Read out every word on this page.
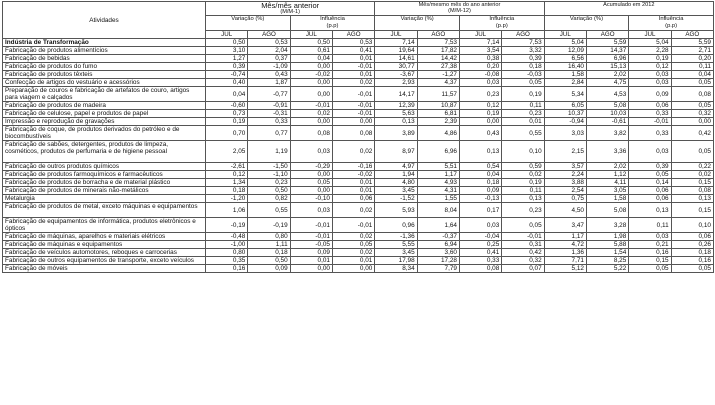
Atividades	Mês/mês anterior
(M/M-1)				Mês/mesmo mês do ano anterior
(M/M-12)				Acumulado em 2012			

	Variação (%)		Influência
(p.p)		Variação (%)		Influência
(p.p)		Variação (%)		Influência
(p.p)	

	JUL	AGO	JUL	AGO	JUL	AGO	JUL	AGO	JUL	AGO	JUL	AGO
Indústria de Transformação	0,50	0,53	0,50	0,53	7,14	7,53	7,14	7,53	5,04	5,59	5,04	5,59
Fabricação de produtos alimentícios	3,10	2,04	0,61	0,41	19,64	17,82	3,54	3,32	12,09	14,37	2,28	2,71
Fabricação de bebidas	1,27	0,37	0,04	0,01	14,61	14,42	0,38	0,39	6,56	6,96	0,19	0,20
Fabricação de produtos do fumo	0,39	-1,09	0,00	-0,01	30,77	27,38	0,20	0,18	16,40	15,13	0,12	0,11
Fabricação de produtos têxteis	-0,74	0,43	-0,02	0,01	-3,67	-1,27	-0,08	-0,03	1,58	2,02	0,03	0,04
Confecção de artigos do vestuário e acessórios	0,40	1,87	0,00	0,02	2,93	4,37	0,03	0,05	2,84	4,75	0,03	0,05
Preparação de couros e fabricação de artefatos de couro, artigos para viagem e calçados	0,04	-0,77	0,00	-0,01	14,17	11,57	0,23	0,19	5,34	4,53	0,09	0,08
Fabricação de produtos de madeira	-0,60	-0,91	-0,01	-0,01	12,39	10,87	0,12	0,11	6,05	5,08	0,06	0,05
Fabricação de celulose, papel e produtos de papel	0,73	-0,31	0,02	-0,01	5,63	6,81	0,19	0,23	10,37	10,03	0,33	0,32
Impressão e reprodução de gravações	0,19	0,33	0,00	0,00	0,13	2,39	0,00	0,01	-0,94	-0,61	-0,01	0,00
Fabricação de coque, de produtos derivados do petróleo e de biocombustíveis	0,70	0,77	0,08	0,08	3,89	4,86	0,43	0,55	3,03	3,82	0,33	0,42
Fabricação de sabões, detergentes, produtos de limpeza, cosméticos, produtos de perfumaria e de higiene pessoal	2,05	1,19	0,03	0,02	8,97	6,96	0,13	0,10	2,15	3,36	0,03	0,05
Fabricação de outros produtos químicos	-2,61	-1,50	-0,29	-0,16	4,97	5,51	0,54	0,59	3,57	2,02	0,39	0,22
Fabricação de produtos farmoquímicos e farmacêuticos	0,12	-1,10	0,00	-0,02	1,94	1,17	0,04	0,02	2,24	1,12	0,05	0,02
Fabricação de produtos de borracha e de material plástico	1,34	0,23	0,05	0,01	4,80	4,93	0,18	0,19	3,88	4,11	0,14	0,15
Fabricação de produtos de minerais não-metálicos	0,18	0,50	0,00	0,01	3,45	4,31	0,09	0,11	2,54	3,05	0,06	0,08
Metalurgia	-1,20	0,82	-0,10	0,06	-1,52	1,55	-0,13	0,13	0,75	1,58	0,06	0,13
Fabricação de produtos de metal, exceto máquinas e equipamentos	1,06	0,55	0,03	0,02	5,93	8,04	0,17	0,23	4,50	5,08	0,13	0,15
Fabricação de equipamentos de informática, produtos eletrônicos e ópticos	-0,19	-0,19	-0,01	-0,01	0,96	1,64	0,03	0,05	3,47	3,28	0,11	0,10
Fabricação de máquinas, aparelhos e materiais elétricos	-0,48	0,80	-0,01	0,02	-1,36	-0,37	-0,04	-0,01	1,17	1,98	0,03	0,06
Fabricação de máquinas e equipamentos	-1,00	1,11	-0,05	0,05	5,55	6,94	0,25	0,31	4,72	5,88	0,21	0,26
Fabricação de veículos automotores, reboques e carrocerias	0,80	0,18	0,09	0,02	3,45	3,60	0,41	0,42	1,36	1,54	0,16	0,18
Fabricação de outros equipamentos de transporte, exceto veículos	0,35	0,50	0,01	0,01	17,98	17,28	0,33	0,32	7,71	8,25	0,15	0,16
Fabricação de móveis	0,16	0,09	0,00	0,00	8,34	7,79	0,08	0,07	5,12	5,22	0,05	0,05
